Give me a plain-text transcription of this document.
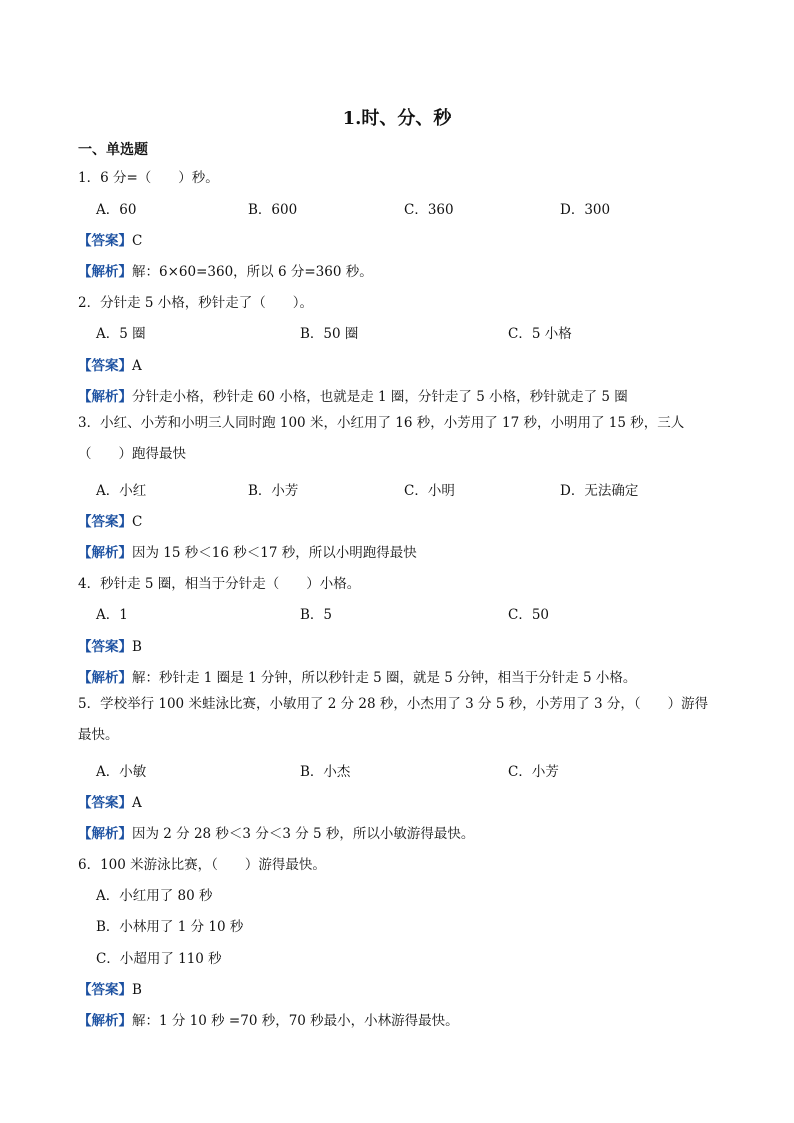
1.时、分、秒
一、单选题
1．6 分=（　　）秒。
A．60	B．600	C．360	D．300
【答案】C
【解析】解：6×60=360，所以 6 分=360 秒。
2．分针走 5 小格，秒针走了（　　）。
A．5 圈	B．50 圈	C．5 小格
【答案】A
【解析】分针走小格，秒针走 60 小格，也就是走 1 圈，分针走了 5 小格，秒针就走了 5 圈
3．小红、小芳和小明三人同时跑 100 米，小红用了 16 秒，小芳用了 17 秒，小明用了 15 秒，三人（　　）跑得最快
A．小红	B．小芳	C．小明	D．无法确定
【答案】C
【解析】因为 15 秒＜16 秒＜17 秒，所以小明跑得最快
4．秒针走 5 圈，相当于分针走（　　）小格。
A．1	B．5	C．50
【答案】B
【解析】解：秒针走 1 圈是 1 分钟，所以秒针走 5 圈，就是 5 分钟，相当于分针走 5 小格。
5．学校举行 100 米蛙泳比赛，小敏用了 2 分 28 秒，小杰用了 3 分 5 秒，小芳用了 3 分，（　　）游得最快。
A．小敏	B．小杰	C．小芳
【答案】A
【解析】因为 2 分 28 秒＜3 分＜3 分 5 秒，所以小敏游得最快。
6．100 米游泳比赛，（　　）游得最快。
A．小红用了 80 秒
B．小林用了 1 分 10 秒
C．小超用了 110 秒
【答案】B
【解析】解：1 分 10 秒 =70 秒，70 秒最小，小林游得最快。
